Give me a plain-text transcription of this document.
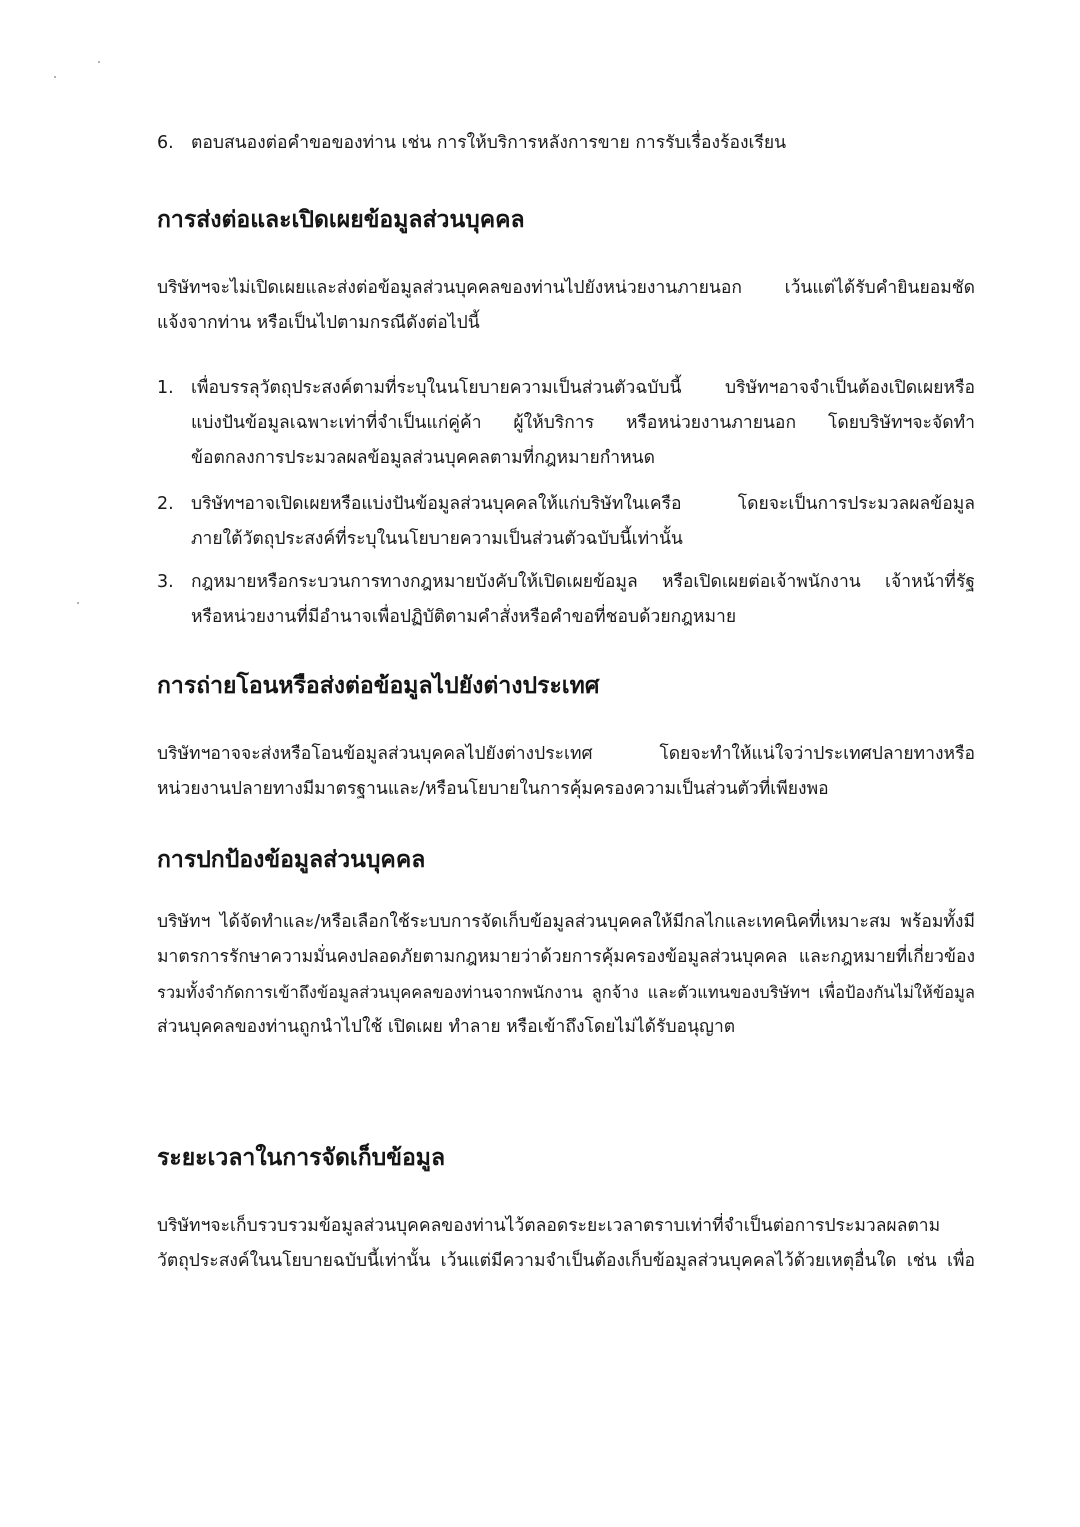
6. ตอบสนองต่อคำขอของท่าน เช่น การให้บริการหลังการขาย การรับเรื่องร้องเรียน
การส่งต่อและเปิดเผยข้อมูลส่วนบุคคล
บริษัทฯจะไม่เปิดเผยและส่งต่อข้อมูลส่วนบุคคลของท่านไปยังหน่วยงานภายนอก เว้นแต่ได้รับคำยินยอมชัด
แจ้งจากท่าน หรือเป็นไปตามกรณีดังต่อไปนี้
1. เพื่อบรรลุวัตถุประสงค์ตามที่ระบุในนโยบายความเป็นส่วนตัวฉบับนี้ บริษัทฯอาจจำเป็นต้องเปิดเผยหรือ
แบ่งปันข้อมูลเฉพาะเท่าที่จำเป็นแก่คู่ค้า ผู้ให้บริการ หรือหน่วยงานภายนอก โดยบริษัทฯจะจัดทำ
ข้อตกลงการประมวลผลข้อมูลส่วนบุคคลตามที่กฎหมายกำหนด
2. บริษัทฯอาจเปิดเผยหรือแบ่งปันข้อมูลส่วนบุคคลให้แก่บริษัทในเครือ โดยจะเป็นการประมวลผลข้อมูล
ภายใต้วัตถุประสงค์ที่ระบุในนโยบายความเป็นส่วนตัวฉบับนี้เท่านั้น
3. กฎหมายหรือกระบวนการทางกฎหมายบังคับให้เปิดเผยข้อมูล หรือเปิดเผยต่อเจ้าพนักงาน เจ้าหน้าที่รัฐ
หรือหน่วยงานที่มีอำนาจเพื่อปฏิบัติตามคำสั่งหรือคำขอที่ชอบด้วยกฎหมาย
การถ่ายโอนหรือส่งต่อข้อมูลไปยังต่างประเทศ
บริษัทฯอาจจะส่งหรือโอนข้อมูลส่วนบุคคลไปยังต่างประเทศ โดยจะทำให้แน่ใจว่าประเทศปลายทางหรือ
หน่วยงานปลายทางมีมาตรฐานและ/หรือนโยบายในการคุ้มครองความเป็นส่วนตัวที่เพียงพอ
การปกป้องข้อมูลส่วนบุคคล
บริษัทฯ ได้จัดทำและ/หรือเลือกใช้ระบบการจัดเก็บข้อมูลส่วนบุคคลให้มีกลไกและเทคนิคที่เหมาะสม พร้อมทั้งมี
มาตรการรักษาความมั่นคงปลอดภัยตามกฎหมายว่าด้วยการคุ้มครองข้อมูลส่วนบุคคล และกฎหมายที่เกี่ยวข้อง
รวมทั้งจำกัดการเข้าถึงข้อมูลส่วนบุคคลของท่านจากพนักงาน ลูกจ้าง และตัวแทนของบริษัทฯ เพื่อป้องกันไม่ให้ข้อมูล
ส่วนบุคคลของท่านถูกนำไปใช้ เปิดเผย ทำลาย หรือเข้าถึงโดยไม่ได้รับอนุญาต
ระยะเวลาในการจัดเก็บข้อมูล
บริษัทฯจะเก็บรวบรวมข้อมูลส่วนบุคคลของท่านไว้ตลอดระยะเวลาตราบเท่าที่จำเป็นต่อการประมวลผลตาม
วัตถุประสงค์ในนโยบายฉบับนี้เท่านั้น เว้นแต่มีความจำเป็นต้องเก็บข้อมูลส่วนบุคคลไว้ด้วยเหตุอื่นใด เช่น เพื่อ
